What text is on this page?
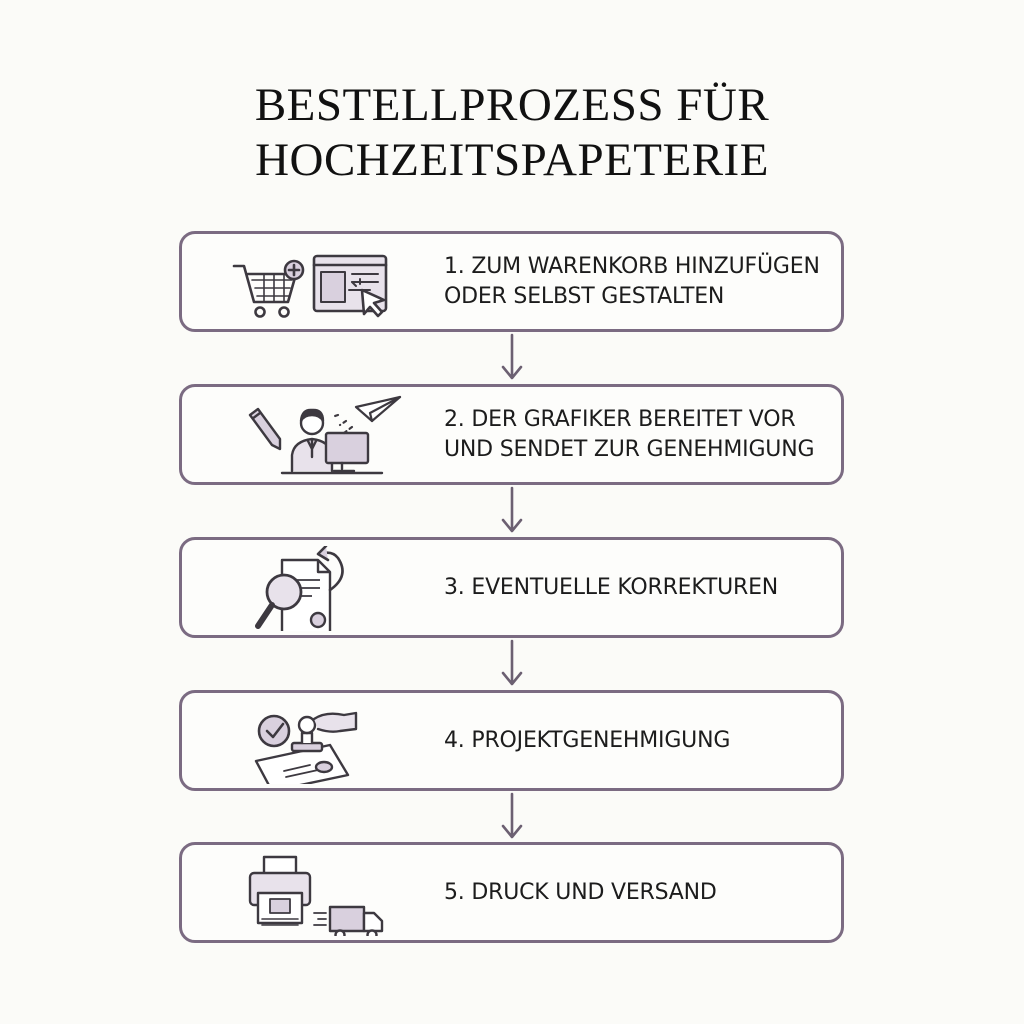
BESTELLPROZESS FÜR
HOCHZEITSPAPETERIE
1. ZUM WARENKORB HINZUFÜGEN
ODER SELBST GESTALTEN
2. DER GRAFIKER BEREITET VOR
UND SENDET ZUR GENEHMIGUNG
3. EVENTUELLE KORREKTUREN
4. PROJEKTGENEHMIGUNG
5. DRUCK UND VERSAND
